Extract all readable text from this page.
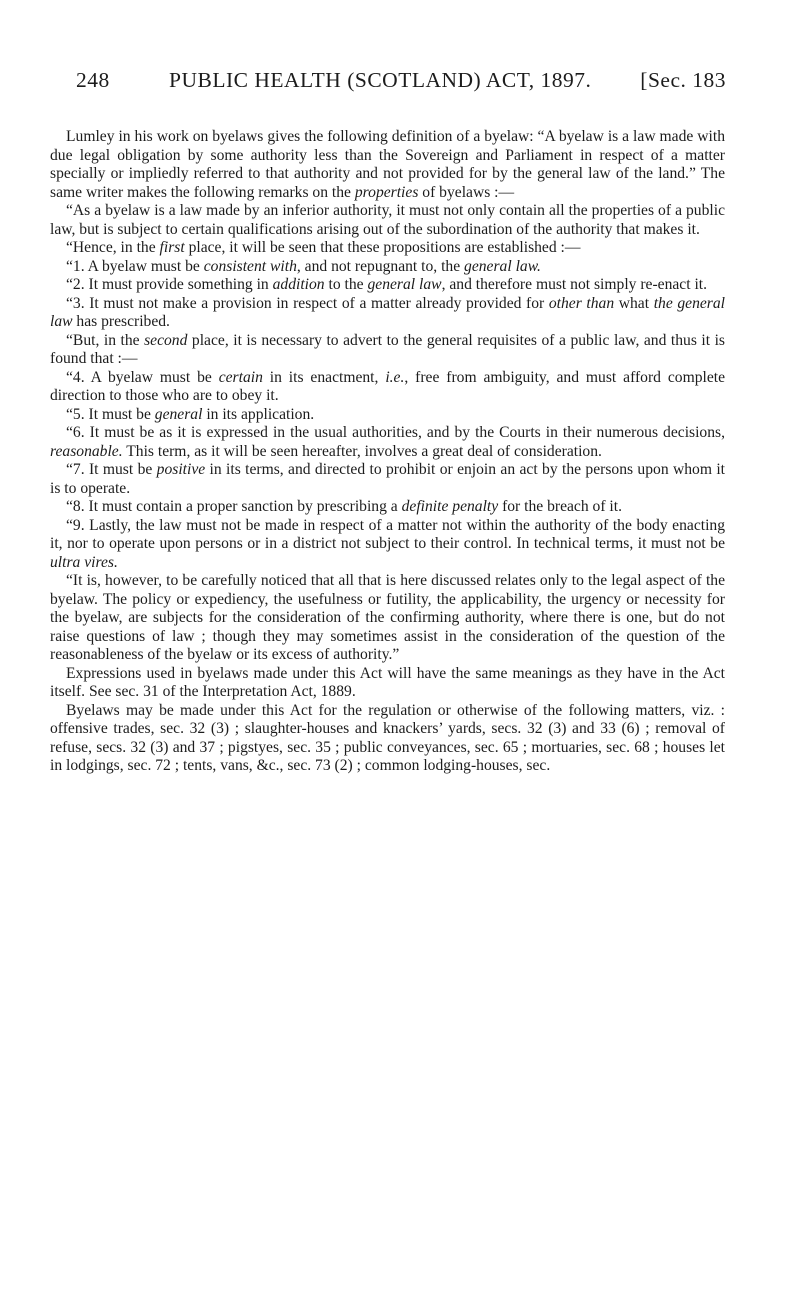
248	PUBLIC HEALTH (SCOTLAND) ACT, 1897. [Sec. 183

Lumley in his work on byelaws gives the following definition of a byelaw: “A byelaw is a law made with due legal obligation by some authority less than the Sovereign and Parliament in respect of a matter specially or impliedly referred to that authority and not provided for by the general law of the land.” The same writer makes the following remarks on the properties of byelaws :—

“As a byelaw is a law made by an inferior authority, it must not only contain all the properties of a public law, but is subject to certain qualifications arising out of the subordination of the authority that makes it.

“Hence, in the first place, it will be seen that these propositions are established :—

“1. A byelaw must be consistent with, and not repugnant to, the general law.

“2. It must provide something in addition to the general law, and therefore must not simply re-enact it.

“3. It must not make a provision in respect of a matter already provided for other than what the general law has prescribed.

“But, in the second place, it is necessary to advert to the general requisites of a public law, and thus it is found that :—

“4. A byelaw must be certain in its enactment, i.e., free from ambiguity, and must afford complete direction to those who are to obey it.

“5. It must be general in its application.

“6. It must be as it is expressed in the usual authorities, and by the Courts in their numerous decisions, reasonable. This term, as it will be seen hereafter, involves a great deal of consideration.

“7. It must be positive in its terms, and directed to prohibit or enjoin an act by the persons upon whom it is to operate.

“8. It must contain a proper sanction by prescribing a definite penalty for the breach of it.

“9. Lastly, the law must not be made in respect of a matter not within the authority of the body enacting it, nor to operate upon persons or in a district not subject to their control. In technical terms, it must not be ultra vires.

“It is, however, to be carefully noticed that all that is here discussed relates only to the legal aspect of the byelaw. The policy or expediency, the usefulness or futility, the applicability, the urgency or necessity for the byelaw, are subjects for the consideration of the confirming authority, where there is one, but do not raise questions of law ; though they may sometimes assist in the consideration of the question of the reasonableness of the byelaw or its excess of authority.”

Expressions used in byelaws made under this Act will have the same meanings as they have in the Act itself. See sec. 31 of the Interpretation Act, 1889.

Byelaws may be made under this Act for the regulation or otherwise of the following matters, viz. : offensive trades, sec. 32 (3) ; slaughter-houses and knackers’ yards, secs. 32 (3) and 33 (6) ; removal of refuse, secs. 32 (3) and 37 ; pigstyes, sec. 35 ; public conveyances, sec. 65 ; mortuaries, sec. 68 ; houses let in lodgings, sec. 72 ; tents, vans, &c., sec. 73 (2) ; common lodging-houses, sec.
